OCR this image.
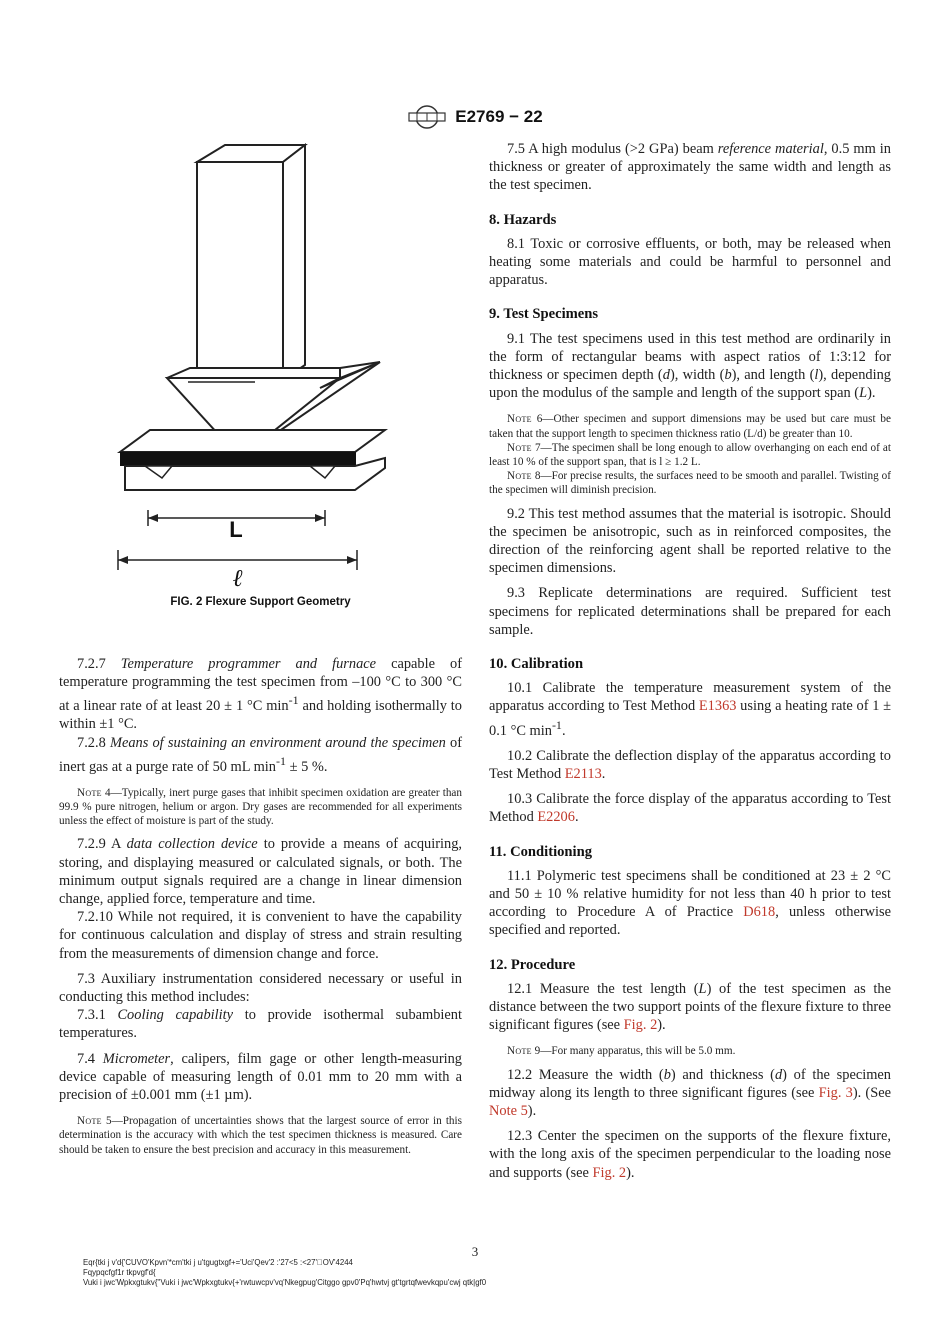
E2769 − 22
L
ℓ
FIG. 2 Flexure Support Geometry

7.2.7 Temperature programmer and furnace capable of temperature programming the test specimen from –100 °C to 300 °C at a linear rate of at least 20 ± 1 °C $\min^{-1}$ and holding isothermally to within ±1 °C.

7.2.8 Means of sustaining an environment around the specimen of inert gas at a purge rate of 50 mL $\min^{-1} \pm 5$ %.

Note 4—Typically, inert purge gases that inhibit specimen oxidation are greater than 99.9 % pure nitrogen, helium or argon. Dry gases are recommended for all experiments unless the effect of moisture is part of the study.

7.2.9 A data collection device to provide a means of acquiring, storing, and displaying measured or calculated signals, or both. The minimum output signals required are a change in linear dimension change, applied force, temperature and time.

7.2.10 While not required, it is convenient to have the capability for continuous calculation and display of stress and strain resulting from the measurements of dimension change and force.

7.3 Auxiliary instrumentation considered necessary or useful in conducting this method includes:

7.3.1 Cooling capability to provide isothermal subambient temperatures.

7.4 Micrometer, calipers, film gage or other length-measuring device capable of measuring length of 0.01 mm to 20 mm with a precision of ±0.001 mm (±1 µm).

Note 5—Propagation of uncertainties shows that the largest source of error in this determination is the accuracy with which the test specimen thickness is measured. Care should be taken to ensure the best precision and accuracy in this measurement.

7.5 A high modulus (>2 GPa) beam reference material, 0.5 mm in thickness or greater of approximately the same width and length as the test specimen.

8. Hazards

8.1 Toxic or corrosive effluents, or both, may be released when heating some materials and could be harmful to personnel and apparatus.

9. Test Specimens

9.1 The test specimens used in this test method are ordinarily in the form of rectangular beams with aspect ratios of 1:3:12 for thickness or specimen depth (d), width (b), and length (l), depending upon the modulus of the sample and length of the support span (L).

Note 6—Other specimen and support dimensions may be used but care must be taken that the support length to specimen thickness ratio (L/d) be greater than 10.

Note 7—The specimen shall be long enough to allow overhanging on each end of at least 10 % of the support span, that is l ≥ 1.2 L.

Note 8—For precise results, the surfaces need to be smooth and parallel. Twisting of the specimen will diminish precision.

9.2 This test method assumes that the material is isotropic. Should the specimen be anisotropic, such as in reinforced composites, the direction of the reinforcing agent shall be reported relative to the specimen dimensions.

9.3 Replicate determinations are required. Sufficient test specimens for replicated determinations shall be prepared for each sample.

10. Calibration

10.1 Calibrate the temperature measurement system of the apparatus according to Test Method E1363 using a heating rate of 1 ± 0.1 °C $\min^{-1}$.

10.2 Calibrate the deflection display of the apparatus according to Test Method E2113.

10.3 Calibrate the force display of the apparatus according to Test Method E2206.

11. Conditioning

11.1 Polymeric test specimens shall be conditioned at 23 ± 2 °C and 50 ± 10 % relative humidity for not less than 40 h prior to test according to Procedure A of Practice D618, unless otherwise specified and reported.

12. Procedure

12.1 Measure the test length (L) of the test specimen as the distance between the two support points of the flexure fixture to three significant figures (see Fig. 2).

Note 9—For many apparatus, this will be 5.0 mm.

12.2 Measure the width (b) and thickness (d) of the specimen midway along its length to three significant figures (see Fig. 3). (See Note 5).

12.3 Center the specimen on the supports of the flexure fixture, with the long axis of the specimen perpendicular to the loading nose and supports (see Fig. 2).

3
Eqr{tki j v'd{'CUVO'Kpvn'*cm'tki j u'tgugtxgf+='Uci'Qev'2 :'27<5 :<27' OV'4244
Fqypqcfgf1r tkpvgf'd{
Vuki i jwc'Wpkxgtukv{''Vuki i jwc'Wpkxgtukv{+'rwtuwcpv'vq'Nkegpug'Citggo gpv0'Pq'hwtvj gt'tgrtqfwevkqpu'cwj qtk|gf0
